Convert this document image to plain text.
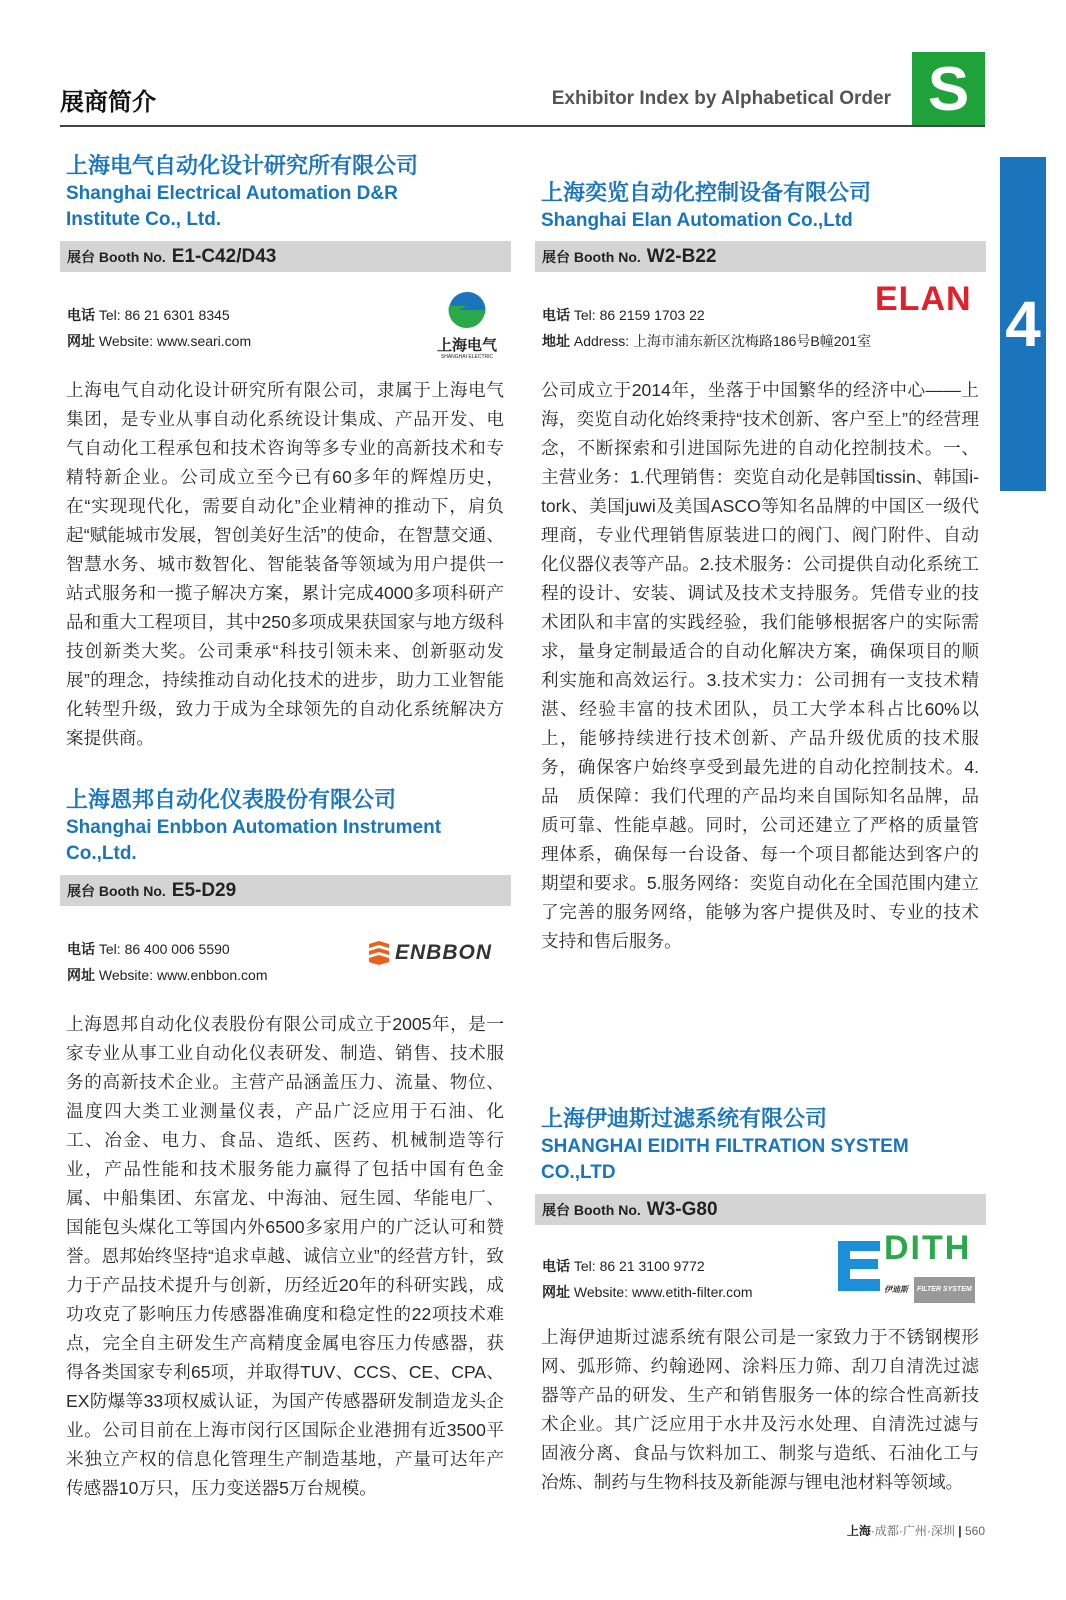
展商简介	Exhibitor Index by Alphabetical Order S
4
上海电气自动化设计研究所有限公司
Shanghai Electrical Automation D&R Institute Co., Ltd.
展台 Booth No. E1-C42/D43
电话 Tel: 86 21 6301 8345
网址 Website: www.seari.com	上海电气
SHANGHAI ELECTRIC
上海电气自动化设计研究所有限公司，隶属于上海电气集团，是专业从事自动化系统设计集成、产品开发、电气自动化工程承包和技术咨询等多专业的高新技术和专精特新企业。公司成立至今已有60多年的辉煌历史，在“实现现代化，需要自动化”企业精神的推动下，肩负起“赋能城市发展，智创美好生活”的使命，在智慧交通、智慧水务、城市数智化、智能装备等领域为用户提供一站式服务和一揽子解决方案，累计完成4000多项科研产品和重大工程项目，其中250多项成果获国家与地方级科技创新类大奖。公司秉承“科技引领未来、创新驱动发展”的理念，持续推动自动化技术的进步，助力工业智能化转型升级，致力于成为全球领先的自动化系统解决方案提供商。
上海恩邦自动化仪表股份有限公司
Shanghai Enbbon Automation Instrument Co.,Ltd.
展台 Booth No. E5-D29
电话 Tel: 86 400 006 5590
网址 Website: www.enbbon.com
ENBBON
上海恩邦自动化仪表股份有限公司成立于2005年，是一家专业从事工业自动化仪表研发、制造、销售、技术服务的高新技术企业。主营产品涵盖压力、流量、物位、温度四大类工业测量仪表，产品广泛应用于石油、化工、冶金、电力、食品、造纸、医药、机械制造等行业，产品性能和技术服务能力赢得了包括中国有色金属、中船集团、东富龙、中海油、冠生园、华能电厂、国能包头煤化工等国内外6500多家用户的广泛认可和赞誉。恩邦始终坚持“追求卓越、诚信立业”的经营方针，致力于产品技术提升与创新，历经近20年的科研实践，成功攻克了影响压力传感器准确度和稳定性的22项技术难点，完全自主研发生产高精度金属电容压力传感器，获得各类国家专利65项，并取得TUV、CCS、CE、CPA、EX防爆等33项权威认证，为国产传感器研发制造龙头企业。公司目前在上海市闵行区国际企业港拥有近3500平米独立产权的信息化管理生产制造基地，产量可达年产传感器10万只，压力变送器5万台规模。
上海奕览自动化控制设备有限公司
Shanghai Elan Automation Co.,Ltd
展台 Booth No. W2-B22
电话 Tel: 86 2159 1703 22
地址 Address: 上海市浦东新区沈梅路186号B幢201室
ELAN
公司成立于2014年，坐落于中国繁华的经济中心——上海，奕览自动化始终秉持“技术创新、客户至上”的经营理念，不断探索和引进国际先进的自动化控制技术。一、主营业务：1.代理销售：奕览自动化是韩国tissin、韩国i-tork、美国juwi及美国ASCO等知名品牌的中国区一级代理商，专业代理销售原装进口的阀门、阀门附件、自动化仪器仪表等产品。2.技术服务：公司提供自动化系统工程的设计、安装、调试及技术支持服务。凭借专业的技术团队和丰富的实践经验，我们能够根据客户的实际需求，量身定制最适合的自动化解决方案，确保项目的顺利实施和高效运行。3.技术实力：公司拥有一支技术精湛、经验丰富的技术团队，员工大学本科占比60%以上，能够持续进行技术创新、产品升级优质的技术服务，确保客户始终享受到最先进的自动化控制技术。4. 品　质保障：我们代理的产品均来自国际知名品牌，品质可靠、性能卓越。同时，公司还建立了严格的质量管理体系，确保每一台设备、每一个项目都能达到客户的期望和要求。5.服务网络：奕览自动化在全国范围内建立了完善的服务网络，能够为客户提供及时、专业的技术支持和售后服务。
上海伊迪斯过滤系统有限公司
SHANGHAI EIDITH FILTRATION SYSTEM CO.,LTD
展台 Booth No. W3-G80
电话 Tel: 86 21 3100 9772
网址 Website: www.etith-filter.com
DITH
伊迪斯	FILTER SYSTEM
上海伊迪斯过滤系统有限公司是一家致力于不锈钢楔形网、弧形筛、约翰逊网、涂料压力筛、刮刀自清洗过滤器等产品的研发、生产和销售服务一体的综合性高新技术企业。其广泛应用于水井及污水处理、自清洗过滤与固液分离、食品与饮料加工、制浆与造纸、石油化工与冶炼、制药与生物科技及新能源与锂电池材料等领域。
上海·成都·广州·深圳 | 560
